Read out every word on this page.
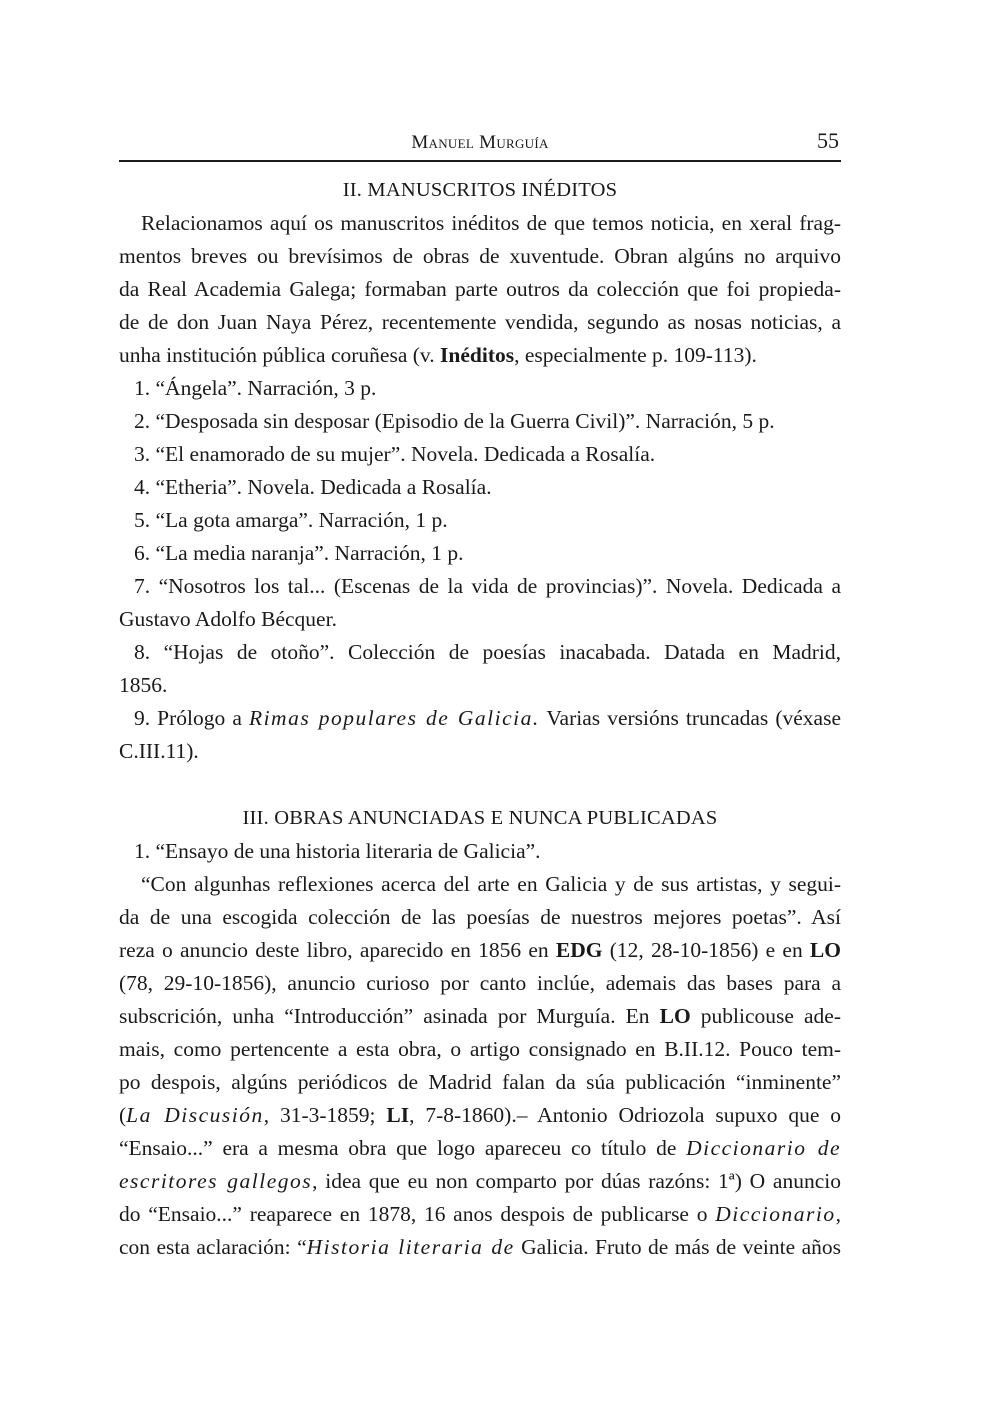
Manuel Murguía	55
II. MANUSCRITOS INÉDITOS

Relacionamos aquí os manuscritos inéditos de que temos noticia, en xeral frag-
mentos breves ou brevísimos de obras de xuventude. Obran algúns no arquivo
da Real Academia Galega; formaban parte outros da colección que foi propieda-
de de don Juan Naya Pérez, recentemente vendida, segundo as nosas noticias, a
unha institución pública coruñesa (v. Inéditos, especialmente p. 109-113).

1. “Ángela”. Narración, 3 p.
2. “Desposada sin desposar (Episodio de la Guerra Civil)”. Narración, 5 p.
3. “El enamorado de su mujer”. Novela. Dedicada a Rosalía.
4. “Etheria”. Novela. Dedicada a Rosalía.
5. “La gota amarga”. Narración, 1 p.
6. “La media naranja”. Narración, 1 p.
7. “Nosotros los tal... (Escenas de la vida de provincias)”. Novela. Dedicada a
Gustavo Adolfo Bécquer.
8. “Hojas de otoño”. Colección de poesías inacabada. Datada en Madrid,
1856.
9. Prólogo a Rimas populares de Galicia. Varias versións truncadas (véxase
C.III.11).
III. OBRAS ANUNCIADAS E NUNCA PUBLICADAS
1. “Ensayo de una historia literaria de Galicia”.

“Con algunhas reflexiones acerca del arte en Galicia y de sus artistas, y segui-
da de una escogida colección de las poesías de nuestros mejores poetas”. Así
reza o anuncio deste libro, aparecido en 1856 en EDG (12, 28-10-1856) e en LO
(78, 29-10-1856), anuncio curioso por canto inclúe, ademais das bases para a
subscrición, unha “Introducción” asinada por Murguía. En LO publicouse ade-
mais, como pertencente a esta obra, o artigo consignado en B.II.12. Pouco tem-
po despois, algúns periódicos de Madrid falan da súa publicación “inminente”
(La Discusión, 31-3-1859; LI, 7-8-1860).– Antonio Odriozola supuxo que o
“Ensaio...” era a mesma obra que logo apareceu co título de Diccionario de
escritores gallegos, idea que eu non comparto por dúas razóns: 1ª) O anuncio
do “Ensaio...” reaparece en 1878, 16 anos despois de publicarse o Diccionario,
con esta aclaración: “Historia literaria de Galicia. Fruto de más de veinte años
